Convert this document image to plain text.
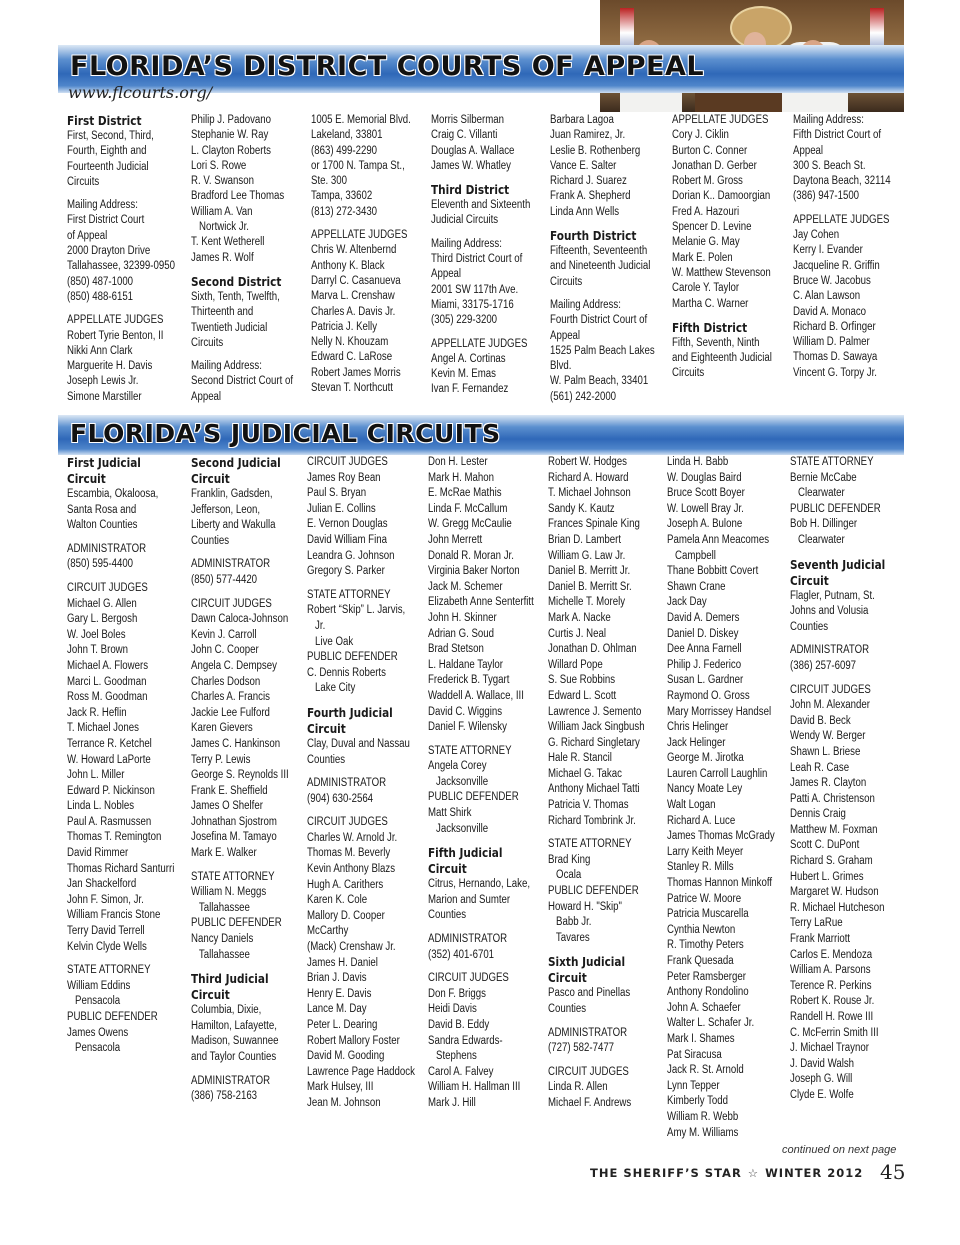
FLORIDA’S DISTRICT COURTS OF APPEAL
www.flcourts.org/
FLORIDA’S JUDICIAL CIRCUITS
First District
First, Second, Third,
Fourth, Eighth and
Fourteenth Judicial
Circuits
Mailing Address:
First District Court
of Appeal
2000 Drayton Drive
Tallahassee, 32399-0950
(850) 487-1000
(850) 488-6151
APPELLATE JUDGES
Robert Tyrie Benton, II
Nikki Ann Clark
Marguerite H. Davis
Joseph Lewis Jr.
Simone Marstiller
Philip J. Padovano
Stephanie W. Ray
L. Clayton Roberts
Lori S. Rowe
R. V. Swanson
Bradford Lee Thomas
William A. Van
Nortwick Jr.
T. Kent Wetherell
James R. Wolf
Second District
Sixth, Tenth, Twelfth,
Thirteenth and
Twentieth Judicial
Circuits
Mailing Address:
Second District Court of
Appeal
1005 E. Memorial Blvd.
Lakeland, 33801
(863) 499-2290
or 1700 N. Tampa St.,
Ste. 300
Tampa, 33602
(813) 272-3430
APPELLATE JUDGES
Chris W. Altenbernd
Anthony K. Black
Darryl C. Casanueva
Marva L. Crenshaw
Charles A. Davis Jr.
Patricia J. Kelly
Nelly N. Khouzam
Edward C. LaRose
Robert James Morris
Stevan T. Northcutt
Morris Silberman
Craig C. Villanti
Douglas A. Wallace
James W. Whatley
Third District
Eleventh and Sixteenth
Judicial Circuits
Mailing Address:
Third District Court of
Appeal
2001 SW 117th Ave.
Miami, 33175-1716
(305) 229-3200
APPELLATE JUDGES
Angel A. Cortinas
Kevin M. Emas
Ivan F. Fernandez
Barbara Lagoa
Juan Ramirez, Jr.
Leslie B. Rothenberg
Vance E. Salter
Richard J. Suarez
Frank A. Shepherd
Linda Ann Wells
Fourth District
Fifteenth, Seventeenth
and Nineteenth Judicial
Circuits
Mailing Address:
Fourth District Court of
Appeal
1525 Palm Beach Lakes
Blvd.
W. Palm Beach, 33401
(561) 242-2000
APPELLATE JUDGES
Cory J. Ciklin
Burton C. Conner
Jonathan D. Gerber
Robert M. Gross
Dorian K.. Damoorgian
Fred A. Hazouri
Spencer D. Levine
Melanie G. May
Mark E. Polen
W. Matthew Stevenson
Carole Y. Taylor
Martha C. Warner
Fifth District
Fifth, Seventh, Ninth
and Eighteenth Judicial
Circuits
Mailing Address:
Fifth District Court of
Appeal
300 S. Beach St.
Daytona Beach, 32114
(386) 947-1500
APPELLATE JUDGES
Jay Cohen
Kerry I. Evander
Jacqueline R. Griffin
Bruce W. Jacobus
C. Alan Lawson
David A. Monaco
Richard B. Orfinger
William D. Palmer
Thomas D. Sawaya
Vincent G. Torpy Jr.
First Judicial
Circuit
Escambia, Okaloosa,
Santa Rosa and
Walton Counties
ADMINISTRATOR
(850) 595-4400
CIRCUIT JUDGES
Michael G. Allen
Gary L. Bergosh
W. Joel Boles
John T. Brown
Michael A. Flowers
Marci L. Goodman
Ross M. Goodman
Jack R. Heflin
T. Michael Jones
Terrance R. Ketchel
W. Howard LaPorte
John L. Miller
Edward P. Nickinson
Linda L. Nobles
Paul A. Rasmussen
Thomas T. Remington
David Rimmer
Thomas Richard Santurri
Jan Shackelford
John F. Simon, Jr.
William Francis Stone
Terry David Terrell
Kelvin Clyde Wells
STATE ATTORNEY
William Eddins
Pensacola
PUBLIC DEFENDER
James Owens
Pensacola
Second Judicial
Circuit
Franklin, Gadsden,
Jefferson, Leon,
Liberty and Wakulla
Counties
ADMINISTRATOR
(850) 577-4420
CIRCUIT JUDGES
Dawn Caloca-Johnson
Kevin J. Carroll
John C. Cooper
Angela C. Dempsey
Charles Dodson
Charles A. Francis
Jackie Lee Fulford
Karen Gievers
James C. Hankinson
Terry P. Lewis
George S. Reynolds III
Frank E. Sheffield
James O Shelfer
Johnathan Sjostrom
Josefina M. Tamayo
Mark E. Walker
STATE ATTORNEY
William N. Meggs
Tallahassee
PUBLIC DEFENDER
Nancy Daniels
Tallahassee
Third Judicial
Circuit
Columbia, Dixie,
Hamilton, Lafayette,
Madison, Suwannee
and Taylor Counties
ADMINISTRATOR
(386) 758-2163
CIRCUIT JUDGES
James Roy Bean
Paul S. Bryan
Julian E. Collins
E. Vernon Douglas
David William Fina
Leandra G. Johnson
Gregory S. Parker
STATE ATTORNEY
Robert “Skip” L. Jarvis,
Jr.
Live Oak
PUBLIC DEFENDER
C. Dennis Roberts
Lake City
Fourth Judicial
Circuit
Clay, Duval and Nassau
Counties
ADMINISTRATOR
(904) 630-2564
CIRCUIT JUDGES
Charles W. Arnold Jr.
Thomas M. Beverly
Kevin Anthony Blazs
Hugh A. Carithers
Karen K. Cole
Mallory D. Cooper
McCarthy
(Mack) Crenshaw Jr.
James H. Daniel
Brian J. Davis
Henry E. Davis
Lance M. Day
Peter L. Dearing
Robert Mallory Foster
David M. Gooding
Lawrence Page Haddock
Mark Hulsey, III
Jean M. Johnson
Don H. Lester
Mark H. Mahon
E. McRae Mathis
Linda F. McCallum
W. Gregg McCaulie
John Merrett
Donald R. Moran Jr.
Virginia Baker Norton
Jack M. Schemer
Elizabeth Anne Senterfitt
John H. Skinner
Adrian G. Soud
Brad Stetson
L. Haldane Taylor
Frederick B. Tygart
Waddell A. Wallace, III
David C. Wiggins
Daniel F. Wilensky
STATE ATTORNEY
Angela Corey
Jacksonville
PUBLIC DEFENDER
Matt Shirk
Jacksonville
Fifth Judicial
Circuit
Citrus, Hernando, Lake,
Marion and Sumter
Counties
ADMINISTRATOR
(352) 401-6701
CIRCUIT JUDGES
Don F. Briggs
Heidi Davis
David B. Eddy
Sandra Edwards-
Stephens
Carol A. Falvey
William H. Hallman III
Mark J. Hill
Robert W. Hodges
Richard A. Howard
T. Michael Johnson
Sandy K. Kautz
Frances Spinale King
Brian D. Lambert
William G. Law Jr.
Daniel B. Merritt Jr.
Daniel B. Merritt Sr.
Michelle T. Morely
Mark A. Nacke
Curtis J. Neal
Jonathan D. Ohlman
Willard Pope
S. Sue Robbins
Edward L. Scott
Lawrence J. Semento
William Jack Singbush
G. Richard Singletary
Hale R. Stancil
Michael G. Takac
Anthony Michael Tatti
Patricia V. Thomas
Richard Tombrink Jr.
STATE ATTORNEY
Brad King
Ocala
PUBLIC DEFENDER
Howard H. "Skip"
Babb Jr.
Tavares
Sixth Judicial
Circuit
Pasco and Pinellas
Counties
ADMINISTRATOR
(727) 582-7477
CIRCUIT JUDGES
Linda R. Allen
Michael F. Andrews
Linda H. Babb
W. Douglas Baird
Bruce Scott Boyer
W. Lowell Bray Jr.
Joseph A. Bulone
Pamela Ann Meacomes
Campbell
Thane Bobbitt Covert
Shawn Crane
Jack Day
David A. Demers
Daniel D. Diskey
Dee Anna Farnell
Philip J. Federico
Susan L. Gardner
Raymond O. Gross
Mary Morrissey Handsel
Chris Helinger
Jack Helinger
George M. Jirotka
Lauren Carroll Laughlin
Nancy Moate Ley
Walt Logan
Richard A. Luce
James Thomas McGrady
Larry Keith Meyer
Stanley R. Mills
Thomas Hannon Minkoff
Patrice W. Moore
Patricia Muscarella
Cynthia Newton
R. Timothy Peters
Frank Quesada
Peter Ramsberger
Anthony Rondolino
John A. Schaefer
Walter L. Schafer Jr.
Mark I. Shames
Pat Siracusa
Jack R. St. Arnold
Lynn Tepper
Kimberly Todd
William R. Webb
Amy M. Williams
STATE ATTORNEY
Bernie McCabe
Clearwater
PUBLIC DEFENDER
Bob H. Dillinger
Clearwater
Seventh Judicial
Circuit
Flagler, Putnam, St.
Johns and Volusia
Counties
ADMINISTRATOR
(386) 257-6097
CIRCUIT JUDGES
John M. Alexander
David B. Beck
Wendy W. Berger
Shawn L. Briese
Leah R. Case
James R. Clayton
Patti A. Christenson
Dennis Craig
Matthew M. Foxman
Scott C. DuPont
Richard S. Graham
Hubert L. Grimes
Margaret W. Hudson
R. Michael Hutcheson
Terry LaRue
Frank Marriott
Carlos E. Mendoza
William A. Parsons
Terence R. Perkins
Robert K. Rouse Jr.
Randell H. Rowe III
C. McFerrin Smith III
J. Michael Traynor
J. David Walsh
Joseph G. Will
Clyde E. Wolfe
continued on next page
THE SHERIFF’S STAR ☆ WINTER 2012 45
